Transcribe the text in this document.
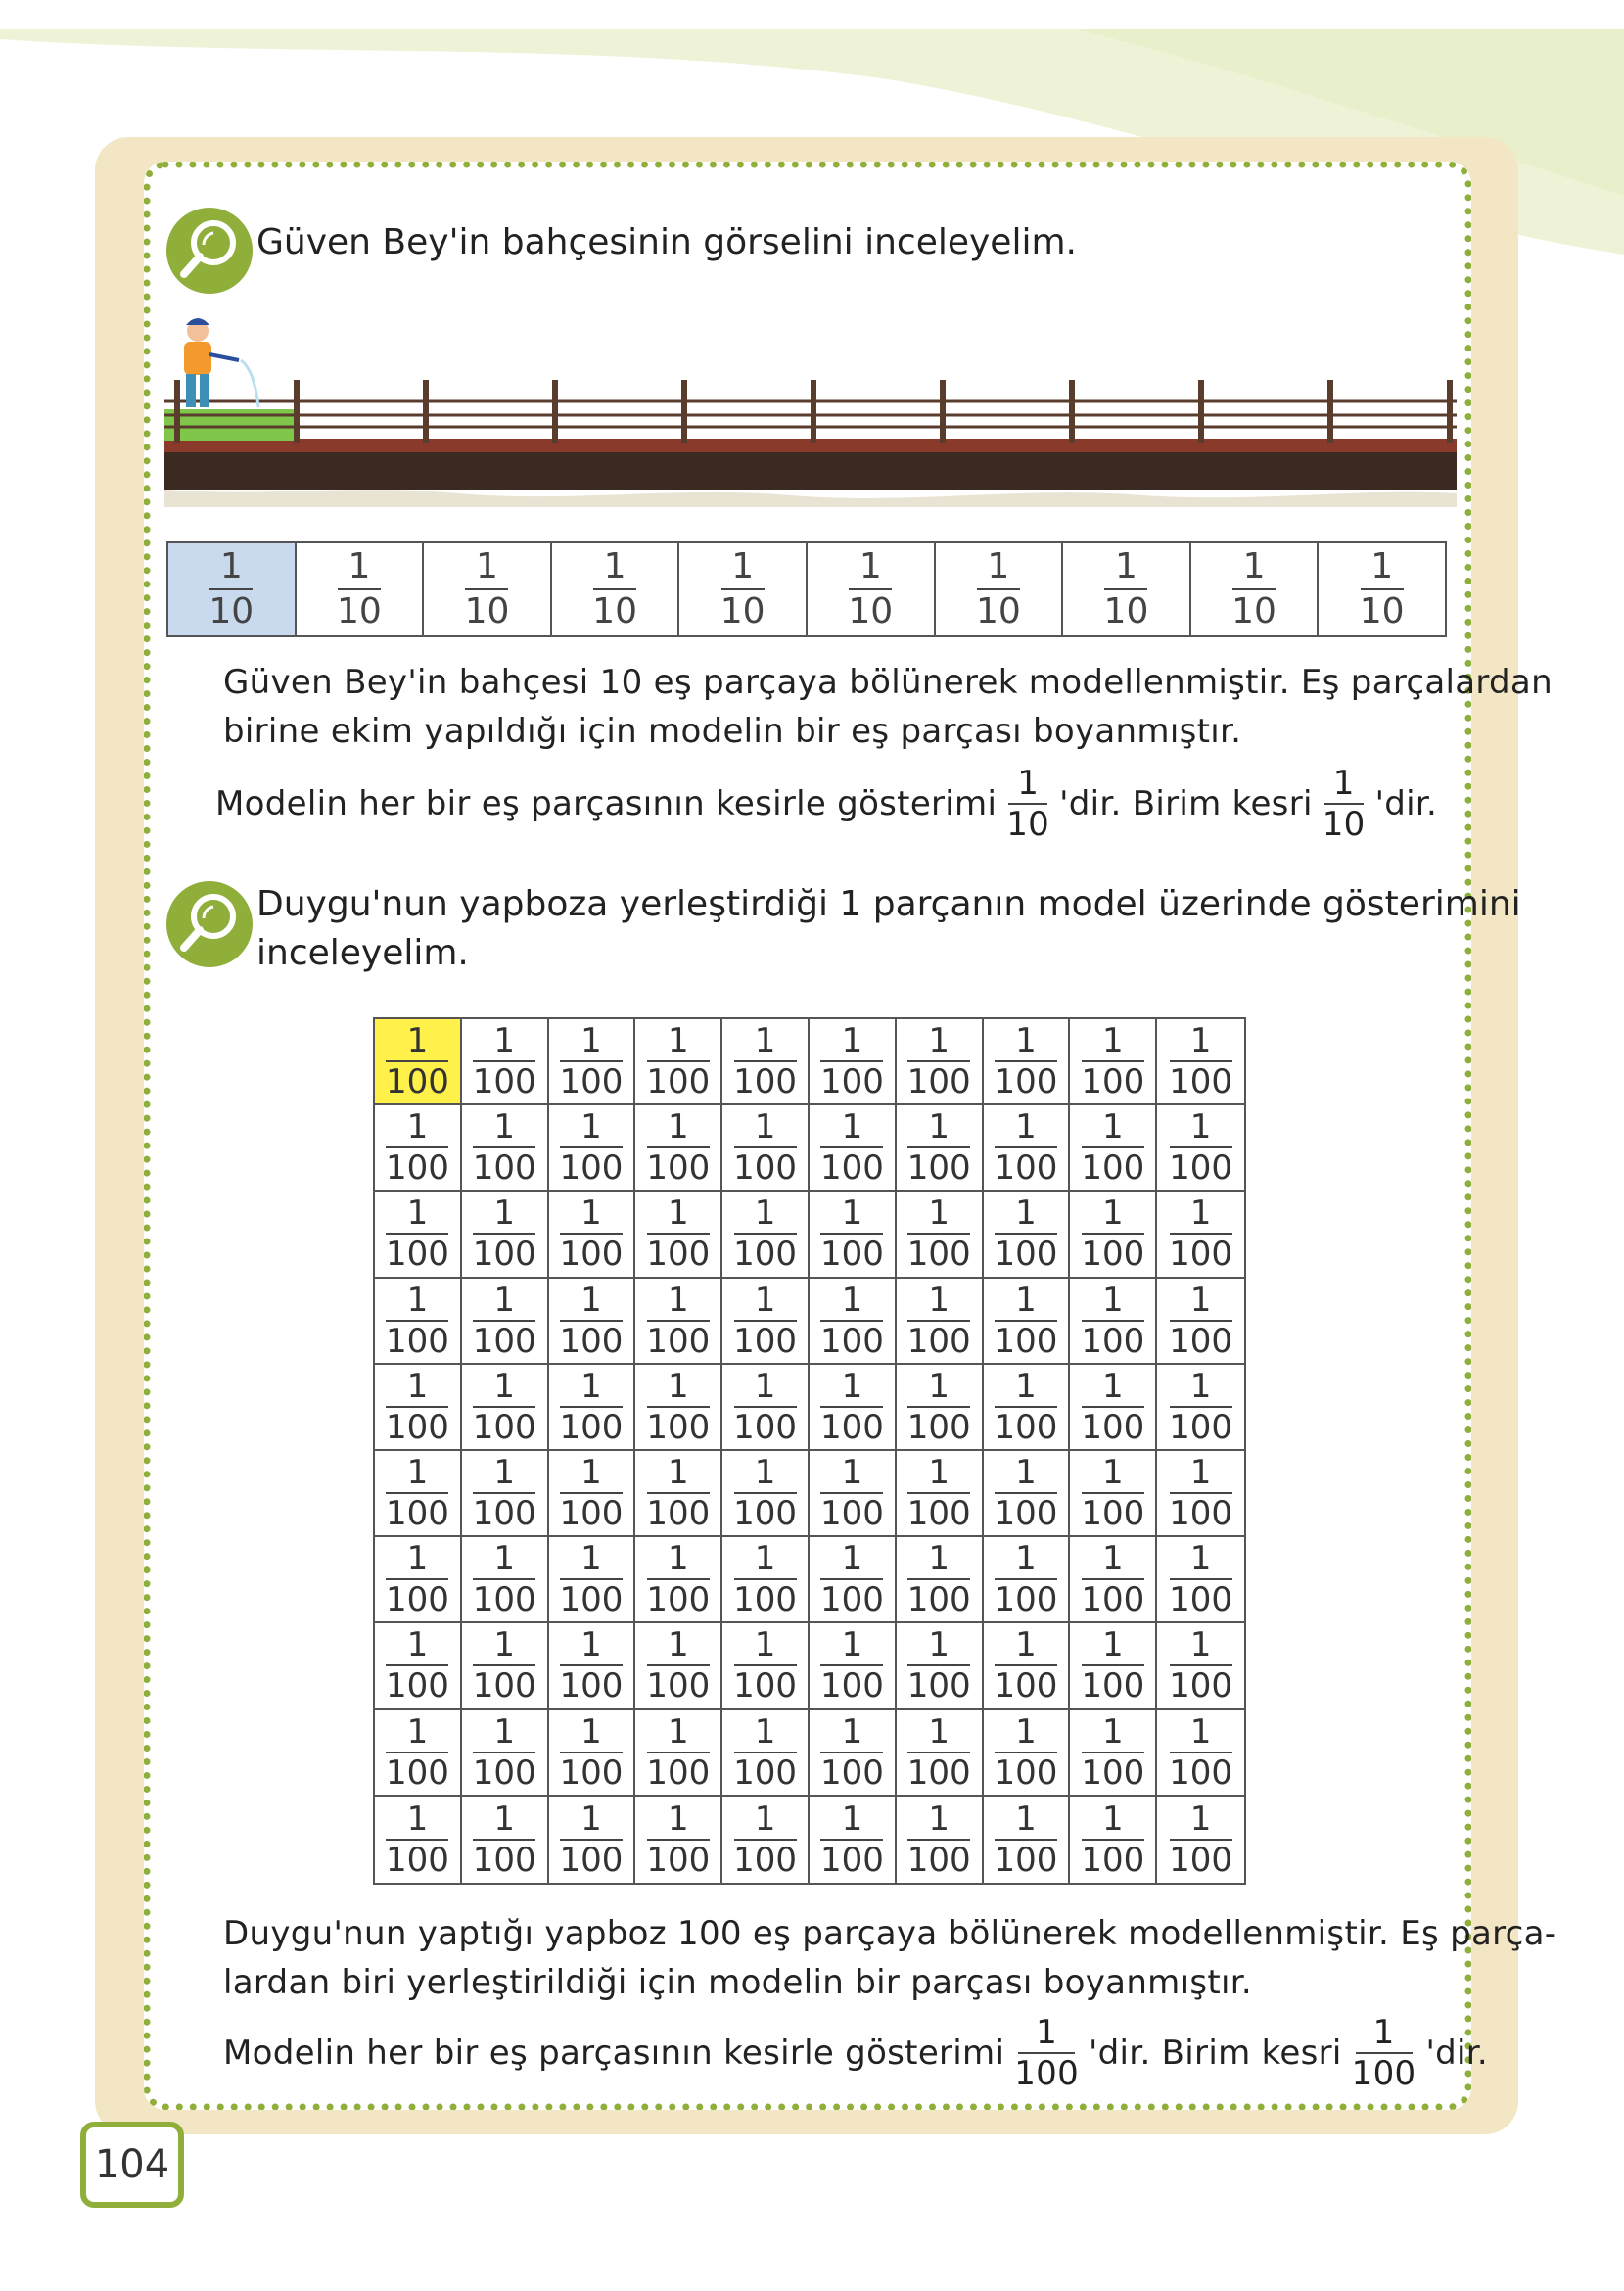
Güven Bey'in bahçesinin görselini inceleyelim.
1
10
1
10
1
10
1
10
1
10
1
10
1
10
1
10
1
10
1
10
Güven Bey'in bahçesi 10 eş parçaya bölünerek modellenmiştir. Eş parçalardan
birine ekim yapıldığı için modelin bir eş parçası boyanmıştır.
Modelin her bir eş parçasının kesirle gösterimi
1
10
'dir. Birim kesri
1
10
'dir.
Duygu'nun yapboza yerleştirdiği 1 parçanın model üzerinde gösterimini
inceleyelim.
1
100
1
100
1
100
1
100
1
100
1
100
1
100
1
100
1
100
1
100
1
100
1
100
1
100
1
100
1
100
1
100
1
100
1
100
1
100
1
100
1
100
1
100
1
100
1
100
1
100
1
100
1
100
1
100
1
100
1
100
1
100
1
100
1
100
1
100
1
100
1
100
1
100
1
100
1
100
1
100
1
100
1
100
1
100
1
100
1
100
1
100
1
100
1
100
1
100
1
100
1
100
1
100
1
100
1
100
1
100
1
100
1
100
1
100
1
100
1
100
1
100
1
100
1
100
1
100
1
100
1
100
1
100
1
100
1
100
1
100
1
100
1
100
1
100
1
100
1
100
1
100
1
100
1
100
1
100
1
100
1
100
1
100
1
100
1
100
1
100
1
100
1
100
1
100
1
100
1
100
1
100
1
100
1
100
1
100
1
100
1
100
1
100
1
100
1
100
1
100
Duygu'nun yaptığı yapboz 100 eş parçaya bölünerek modellenmiştir. Eş parça-
lardan biri yerleştirildiği için modelin bir parçası boyanmıştır.
Modelin her bir eş parçasının kesirle gösterimi
1
100
'dir. Birim kesri
1
100
'dir.
104
